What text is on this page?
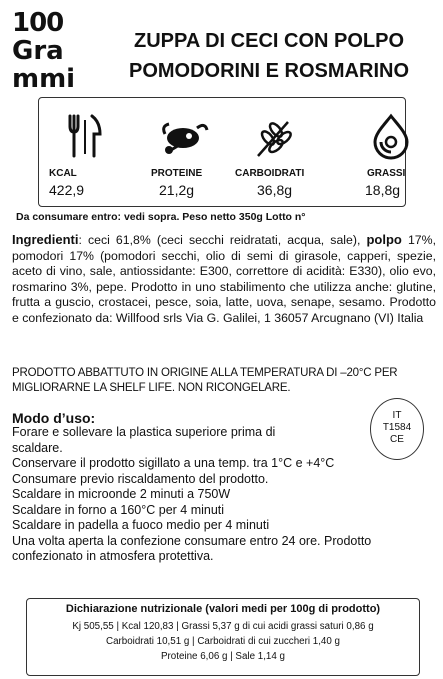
100
Gra
mmi
ZUPPA DI CECI CON POLPO
POMODORINI E ROSMARINO
KCAL
422,9
PROTEINE
21,2g
CARBOIDRATI
36,8g
GRASSI
18,8g
Da consumare entro: vedi sopra. Peso netto 350g Lotto n°
Ingredienti: ceci 61,8% (ceci secchi reidratati, acqua, sale), polpo 17%, pomodori 17% (pomodori secchi, olio di semi di girasole, capperi, spezie, aceto di vino, sale, antiossidante: E300, correttore di acidità: E330), olio evo, rosmarino 3%, pepe. Prodotto in uno stabilimento che utilizza anche: glutine, frutta a guscio, crostacei, pesce, soia, latte, uova, senape, sesamo. Prodotto e confezionato da: Willfood srls Via G. Galilei, 1 36057 Arcugnano (VI) Italia
PRODOTTO ABBATTUTO IN ORIGINE ALLA TEMPERATURA DI –20°C PER MIGLIORARNE LA SHELF LIFE. NON RICONGELARE.
Modo d’uso:

Forare e sollevare la plastica superiore prima di

scaldare.

Conservare il prodotto sigillato a una temp. tra 1°C e +4°C

Consumare previo riscaldamento del prodotto.

Scaldare in microonde 2 minuti a 750W

Scaldare in forno a 160°C per 4 minuti

Scaldare in padella a fuoco medio per 4 minuti

Una volta aperta la confezione consumare entro 24 ore. Prodotto

confezionato in atmosfera protettiva.

IT
T1584
CE
Dichiarazione nutrizionale (valori medi per 100g di prodotto)
Kj 505,55 | Kcal 120,83 | Grassi 5,37 g di cui acidi grassi saturi 0,86 g
Carboidrati 10,51 g | Carboidrati di cui zuccheri 1,40 g
Proteine 6,06 g | Sale 1,14 g
